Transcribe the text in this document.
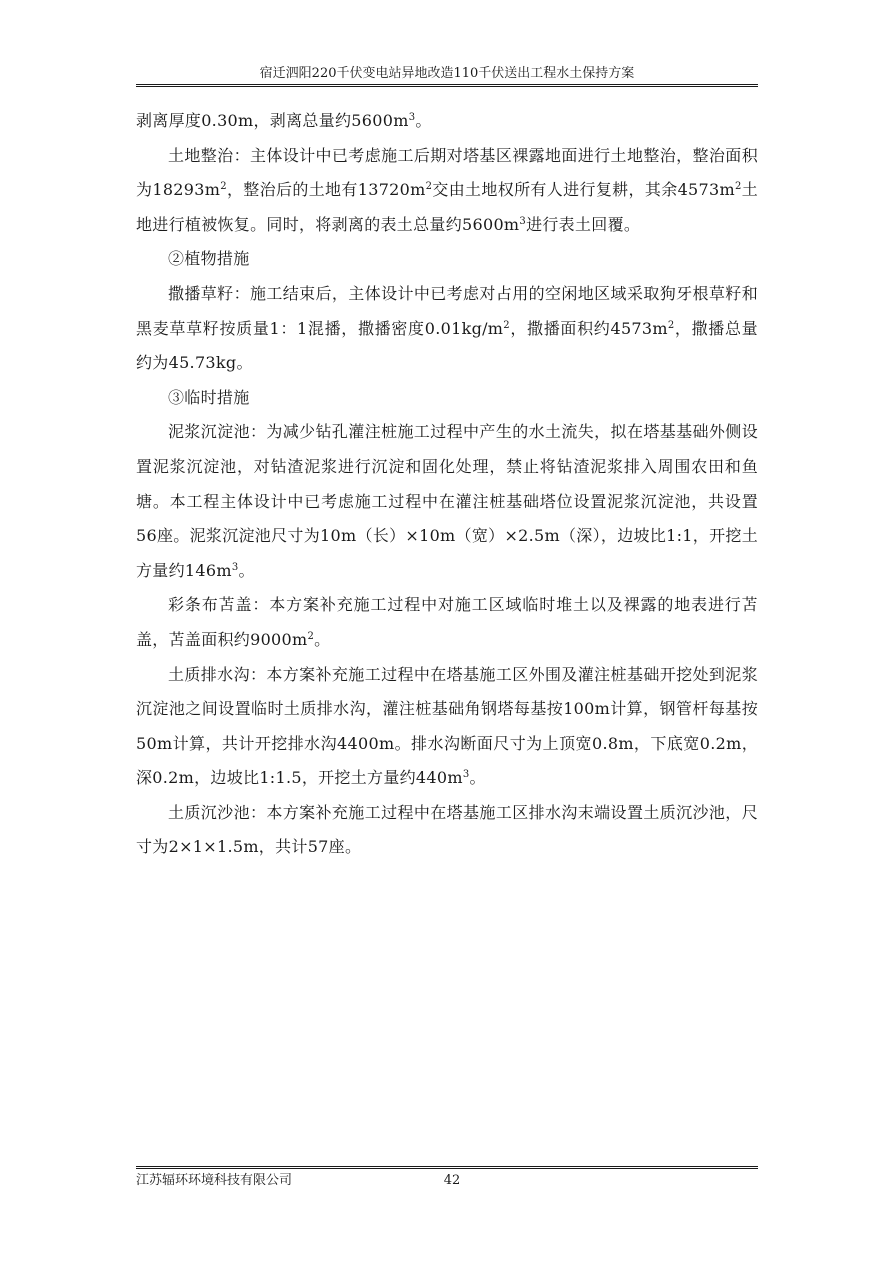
宿迁泗阳220千伏变电站异地改造110千伏送出工程水土保持方案

剥离厚度0.30m，剥离总量约$5600m^3$。

土地整治：主体设计中已考虑施工后期对塔基区裸露地面进行土地整治，整治面积为$18293m^2$，整治后的土地有$13720m^2$交由土地权所有人进行复耕，其余$4573m^2$土地进行植被恢复。同时，将剥离的表土总量约$5600m^3$进行表土回覆。

②植物措施

撒播草籽：施工结束后，主体设计中已考虑对占用的空闲地区域采取狗牙根草籽和黑麦草草籽按质量1：1混播，撒播密度$0.01kg/m^2$，撒播面积约$4573m^2$，撒播总量约为45.73kg。

③临时措施

泥浆沉淀池：为减少钻孔灌注桩施工过程中产生的水土流失，拟在塔基基础外侧设置泥浆沉淀池，对钻渣泥浆进行沉淀和固化处理，禁止将钻渣泥浆排入周围农田和鱼塘。本工程主体设计中已考虑施工过程中在灌注桩基础塔位设置泥浆沉淀池，共设置56座。泥浆沉淀池尺寸为10m（长）×10m（宽）×2.5m（深），边坡比1:1，开挖土方量约$146m^3$。

彩条布苫盖：本方案补充施工过程中对施工区域临时堆土以及裸露的地表进行苫盖，苫盖面积约$9000m^2$。

土质排水沟：本方案补充施工过程中在塔基施工区外围及灌注桩基础开挖处到泥浆沉淀池之间设置临时土质排水沟，灌注桩基础角钢塔每基按100m计算，钢管杆每基按50m计算，共计开挖排水沟4400m。排水沟断面尺寸为上顶宽0.8m，下底宽0.2m，深0.2m，边坡比1:1.5，开挖土方量约$440m^3$。

土质沉沙池：本方案补充施工过程中在塔基施工区排水沟末端设置土质沉沙池，尺寸为2×1×1.5m，共计57座。

江苏辐环环境科技有限公司	42
